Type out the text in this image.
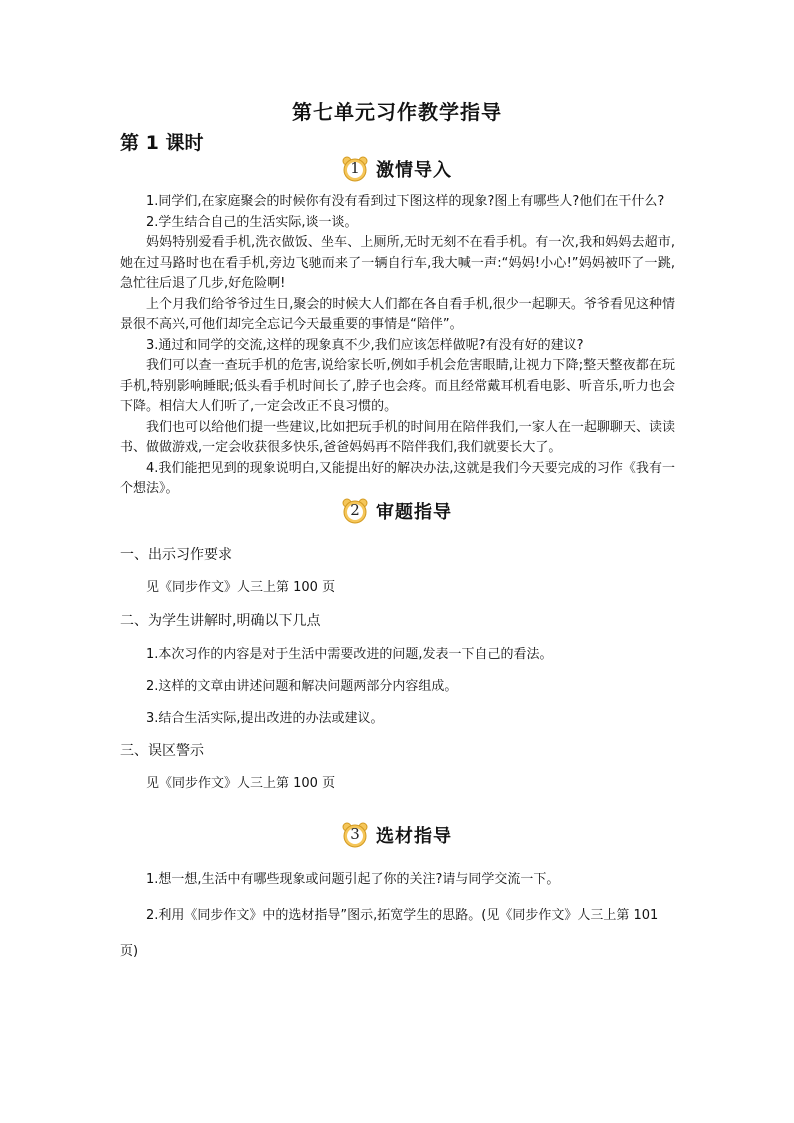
第七单元习作教学指导
第 1 课时
1 激情导入

1.同学们,在家庭聚会的时候你有没有看到过下图这样的现象?图上有哪些人?他们在干什么?

2.学生结合自己的生活实际,谈一谈。

妈妈特别爱看手机,洗衣做饭、坐车、上厕所,无时无刻不在看手机。有一次,我和妈妈去超市,她在过马路时也在看手机,旁边飞驰而来了一辆自行车,我大喊一声:“妈妈!小心!”妈妈被吓了一跳,急忙往后退了几步,好危险啊!

上个月我们给爷爷过生日,聚会的时候大人们都在各自看手机,很少一起聊天。爷爷看见这种情景很不高兴,可他们却完全忘记今天最重要的事情是“陪伴”。

3.通过和同学的交流,这样的现象真不少,我们应该怎样做呢?有没有好的建议?

我们可以查一查玩手机的危害,说给家长听,例如手机会危害眼睛,让视力下降;整天整夜都在玩手机,特别影响睡眠;低头看手机时间长了,脖子也会疼。而且经常戴耳机看电影、听音乐,听力也会下降。相信大人们听了,一定会改正不良习惯的。

我们也可以给他们提一些建议,比如把玩手机的时间用在陪伴我们,一家人在一起聊聊天、读读书、做做游戏,一定会收获很多快乐,爸爸妈妈再不陪伴我们,我们就要长大了。

4.我们能把见到的现象说明白,又能提出好的解决办法,这就是我们今天要完成的习作《我有一个想法》。

2 审题指导
一、出示习作要求
见《同步作文》人三上第 100 页
二、为学生讲解时,明确以下几点
1.本次习作的内容是对于生活中需要改进的问题,发表一下自己的看法。
2.这样的文章由讲述问题和解决问题两部分内容组成。
3.结合生活实际,提出改进的办法或建议。
三、误区警示
见《同步作文》人三上第 100 页
3 选材指导
1.想一想,生活中有哪些现象或问题引起了你的关注?请与同学交流一下。
2.利用《同步作文》中的选材指导”图示,拓宽学生的思路。(见《同步作文》人三上第 101 页)
